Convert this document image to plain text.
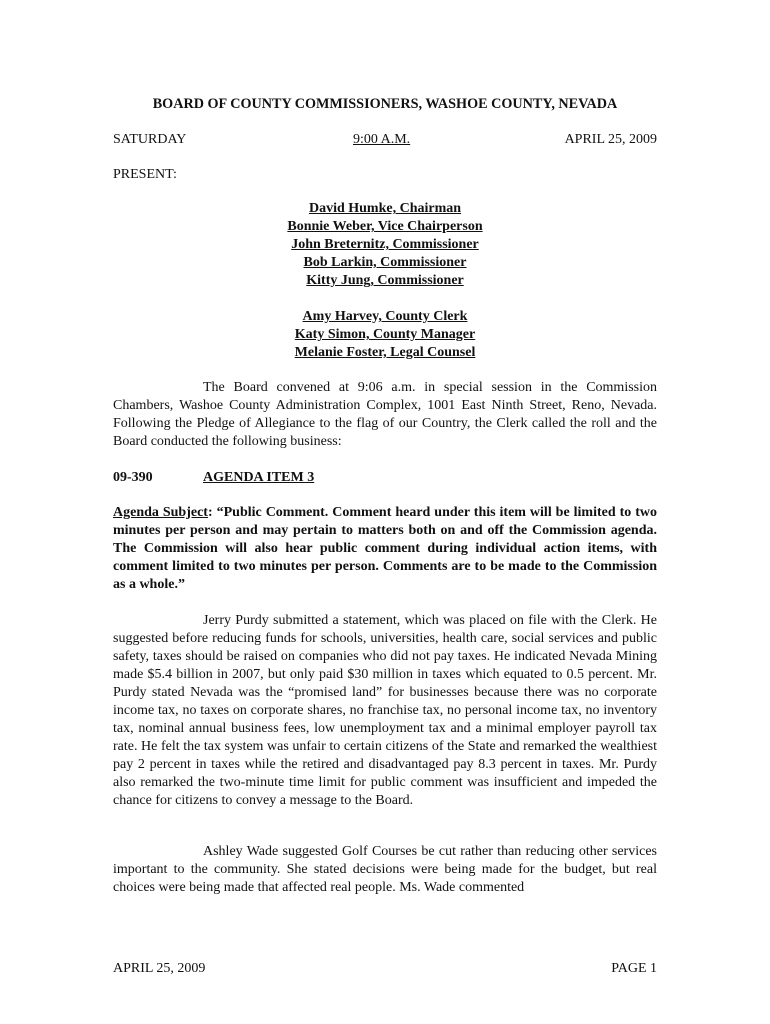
BOARD OF COUNTY COMMISSIONERS, WASHOE COUNTY, NEVADA
SATURDAY	9:00 A.M.	APRIL 25, 2009
PRESENT:
David Humke, Chairman
Bonnie Weber, Vice Chairperson
John Breternitz, Commissioner
Bob Larkin, Commissioner
Kitty Jung, Commissioner
Amy Harvey, County Clerk
Katy Simon, County Manager
Melanie Foster, Legal Counsel

The Board convened at 9:06 a.m. in special session in the Commission Chambers, Washoe County Administration Complex, 1001 East Ninth Street, Reno, Nevada. Following the Pledge of Allegiance to the flag of our Country, the Clerk called the roll and the Board conducted the following business:

09-390	AGENDA ITEM 3

Agenda Subject: “Public Comment. Comment heard under this item will be limited to two minutes per person and may pertain to matters both on and off the Commission agenda. The Commission will also hear public comment during individual action items, with comment limited to two minutes per person. Comments are to be made to the Commission as a whole.”

Jerry Purdy submitted a statement, which was placed on file with the Clerk. He suggested before reducing funds for schools, universities, health care, social services and public safety, taxes should be raised on companies who did not pay taxes. He indicated Nevada Mining made $5.4 billion in 2007, but only paid $30 million in taxes which equated to 0.5 percent. Mr. Purdy stated Nevada was the “promised land” for businesses because there was no corporate income tax, no taxes on corporate shares, no franchise tax, no personal income tax, no inventory tax, nominal annual business fees, low unemployment tax and a minimal employer payroll tax rate. He felt the tax system was unfair to certain citizens of the State and remarked the wealthiest pay 2 percent in taxes while the retired and disadvantaged pay 8.3 percent in taxes. Mr. Purdy also remarked the two-minute time limit for public comment was insufficient and impeded the chance for citizens to convey a message to the Board.

Ashley Wade suggested Golf Courses be cut rather than reducing other services important to the community. She stated decisions were being made for the budget, but real choices were being made that affected real people. Ms. Wade commented

APRIL 25, 2009	PAGE 1
